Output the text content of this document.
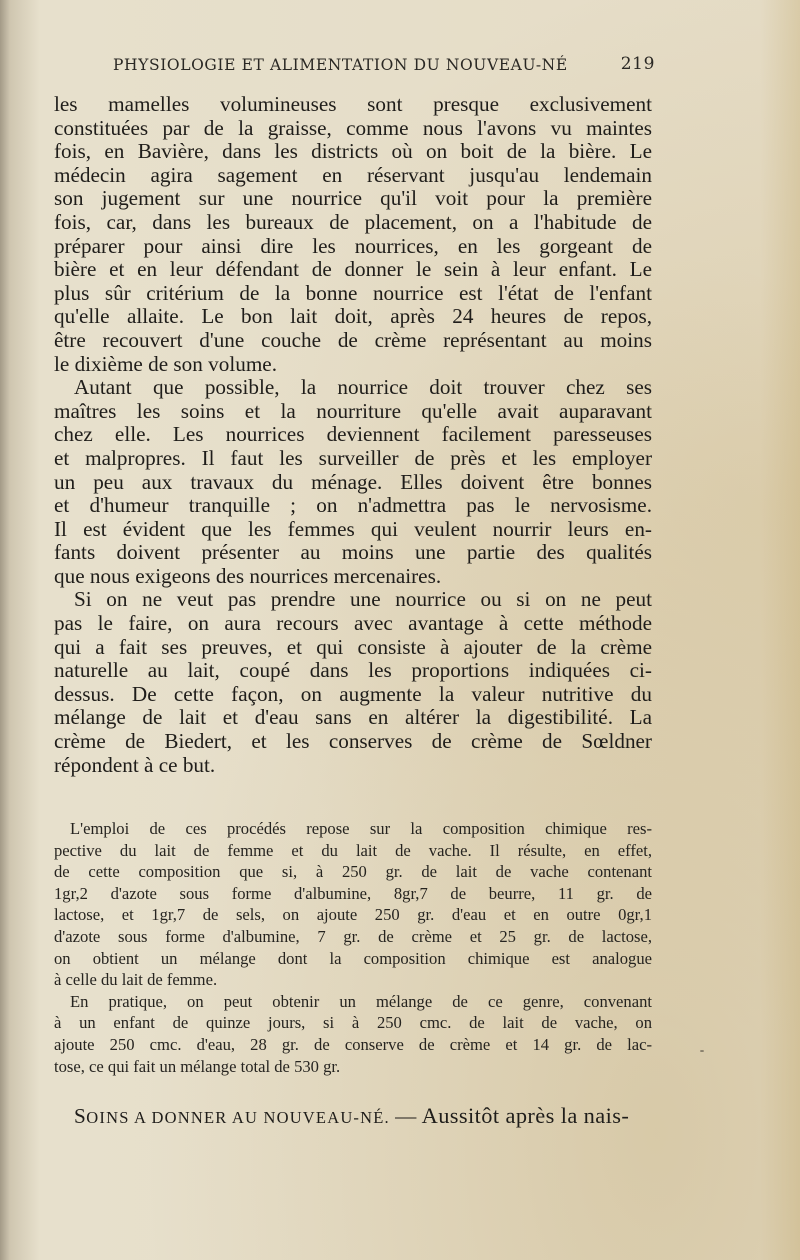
PHYSIOLOGIE ET ALIMENTATION DU NOUVEAU-NÉ	219
les mamelles volumineuses sont presque exclusivement
constituées par de la graisse, comme nous l'avons vu maintes
fois, en Bavière, dans les districts où on boit de la bière. Le
médecin agira sagement en réservant jusqu'au lendemain
son jugement sur une nourrice qu'il voit pour la première
fois, car, dans les bureaux de placement, on a l'habitude de
préparer pour ainsi dire les nourrices, en les gorgeant de
bière et en leur défendant de donner le sein à leur enfant. Le
plus sûr critérium de la bonne nourrice est l'état de l'enfant
qu'elle allaite. Le bon lait doit, après 24 heures de repos,
être recouvert d'une couche de crème représentant au moins
le dixième de son volume.
Autant que possible, la nourrice doit trouver chez ses
maîtres les soins et la nourriture qu'elle avait auparavant
chez elle. Les nourrices deviennent facilement paresseuses
et malpropres. Il faut les surveiller de près et les employer
un peu aux travaux du ménage. Elles doivent être bonnes
et d'humeur tranquille ; on n'admettra pas le nervosisme.
Il est évident que les femmes qui veulent nourrir leurs en-
fants doivent présenter au moins une partie des qualités
que nous exigeons des nourrices mercenaires.
Si on ne veut pas prendre une nourrice ou si on ne peut
pas le faire, on aura recours avec avantage à cette méthode
qui a fait ses preuves, et qui consiste à ajouter de la crème
naturelle au lait, coupé dans les proportions indiquées ci-
dessus. De cette façon, on augmente la valeur nutritive du
mélange de lait et d'eau sans en altérer la digestibilité. La
crème de Biedert, et les conserves de crème de Sœldner
répondent à ce but.
L'emploi de ces procédés repose sur la composition chimique res-
pective du lait de femme et du lait de vache. Il résulte, en effet,
de cette composition que si, à 250 gr. de lait de vache contenant
1gr,2 d'azote sous forme d'albumine, 8gr,7 de beurre, 11 gr. de
lactose, et 1gr,7 de sels, on ajoute 250 gr. d'eau et en outre 0gr,1
d'azote sous forme d'albumine, 7 gr. de crème et 25 gr. de lactose,
on obtient un mélange dont la composition chimique est analogue
à celle du lait de femme.
En pratique, on peut obtenir un mélange de ce genre, convenant
à un enfant de quinze jours, si à 250 cmc. de lait de vache, on
ajoute 250 cmc. d'eau, 28 gr. de conserve de crème et 14 gr. de lac-
tose, ce qui fait un mélange total de 530 gr.
SOINS A DONNER AU NOUVEAU-NÉ. — Aussitôt après la nais-
